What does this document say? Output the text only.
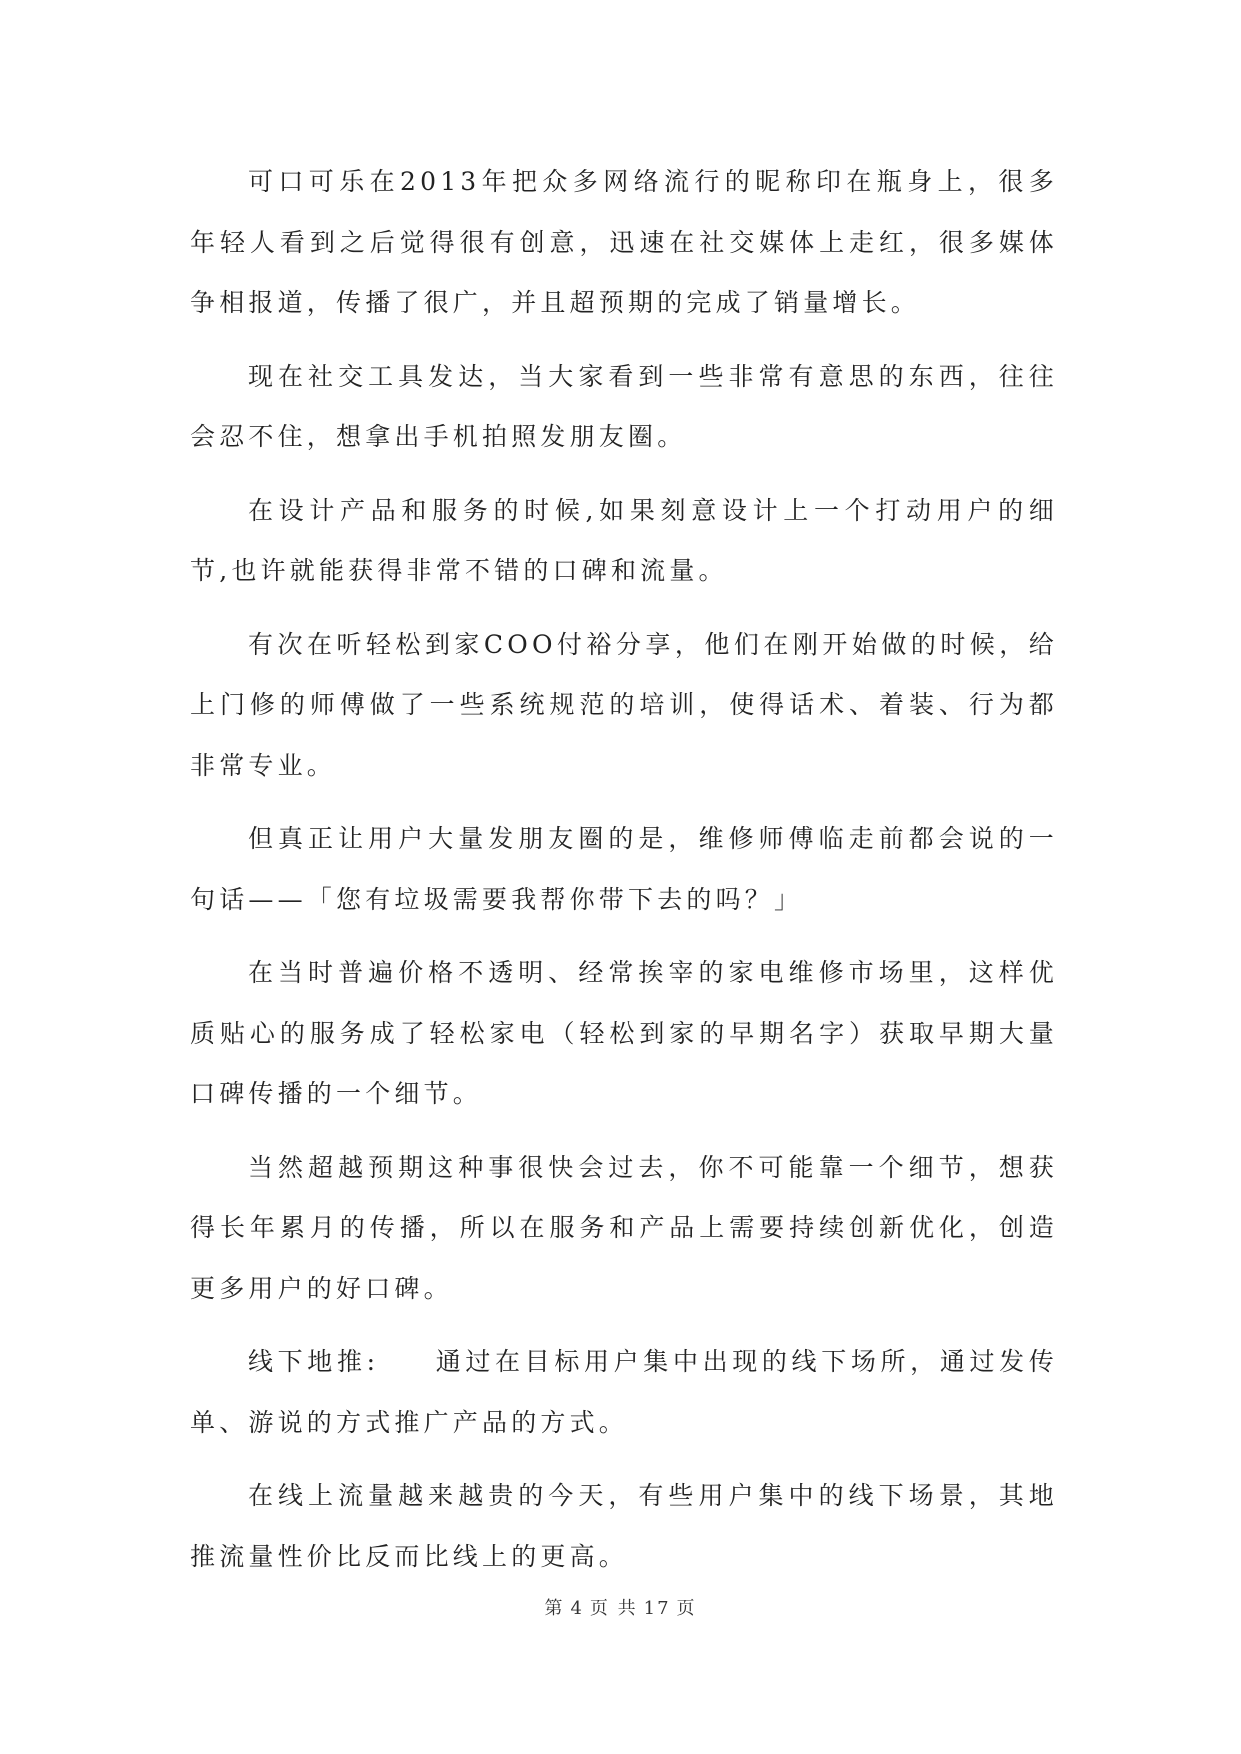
可口可乐在2013年把众多网络流行的昵称印在瓶身上，很多年轻人看到之后觉得很有创意，迅速在社交媒体上走红，很多媒体争相报道，传播了很广，并且超预期的完成了销量增长。

现在社交工具发达，当大家看到一些非常有意思的东西，往往会忍不住，想拿出手机拍照发朋友圈。

在设计产品和服务的时候,如果刻意设计上一个打动用户的细节,也许就能获得非常不错的口碑和流量。

有次在听轻松到家COO付裕分享，他们在刚开始做的时候，给上门修的师傅做了一些系统规范的培训，使得话术、着装、行为都非常专业。

但真正让用户大量发朋友圈的是，维修师傅临走前都会说的一句话——「您有垃圾需要我帮你带下去的吗？」

在当时普遍价格不透明、经常挨宰的家电维修市场里，这样优质贴心的服务成了轻松家电（轻松到家的早期名字）获取早期大量口碑传播的一个细节。

当然超越预期这种事很快会过去，你不可能靠一个细节，想获得长年累月的传播，所以在服务和产品上需要持续创新优化，创造更多用户的好口碑。

线下地推: 通过在目标用户集中出现的线下场所，通过发传单、游说的方式推广产品的方式。

在线上流量越来越贵的今天，有些用户集中的线下场景，其地推流量性价比反而比线上的更高。

第 4 页 共 17 页
